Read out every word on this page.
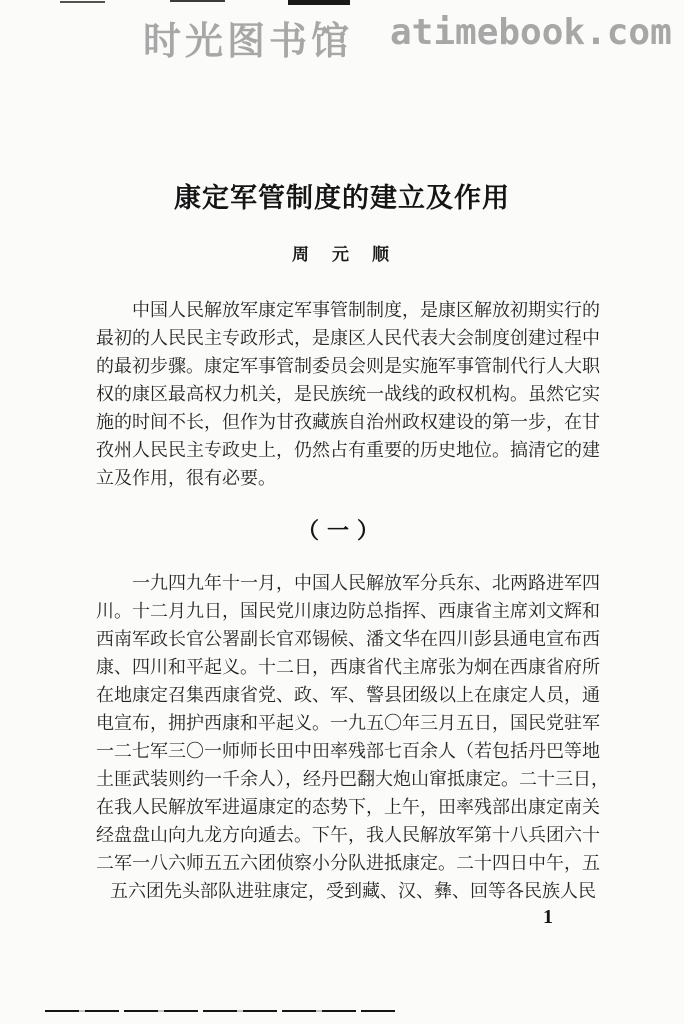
时光图书馆 atimebook.com
康定军管制度的建立及作用
周　元　顺
中国人民解放军康定军事管制制度，是康区解放初期实行的
最初的人民民主专政形式，是康区人民代表大会制度创建过程中
的最初步骤。康定军事管制委员会则是实施军事管制代行人大职
权的康区最高权力机关，是民族统一战线的政权机构。虽然它实
施的时间不长，但作为甘孜藏族自治州政权建设的第一步，在甘
孜州人民民主专政史上，仍然占有重要的历史地位。搞清它的建
立及作用，很有必要。
（一）
一九四九年十一月，中国人民解放军分兵东、北两路进军四
川。十二月九日，国民党川康边防总指挥、西康省主席刘文辉和
西南军政长官公署副长官邓锡候、潘文华在四川彭县通电宣布西
康、四川和平起义。十二日，西康省代主席张为炯在西康省府所
在地康定召集西康省党、政、军、警县团级以上在康定人员，通
电宣布，拥护西康和平起义。一九五〇年三月五日，国民党驻军
一二七军三〇一师师长田中田率残部七百余人（若包括丹巴等地
土匪武装则约一千余人），经丹巴翻大炮山窜抵康定。二十三日，
在我人民解放军进逼康定的态势下，上午，田率残部出康定南关
经盘盘山向九龙方向遁去。下午，我人民解放军第十八兵团六十
二军一八六师五五六团侦察小分队进抵康定。二十四日中午，五
五六团先头部队进驻康定，受到藏、汉、彝、回等各民族人民
1
